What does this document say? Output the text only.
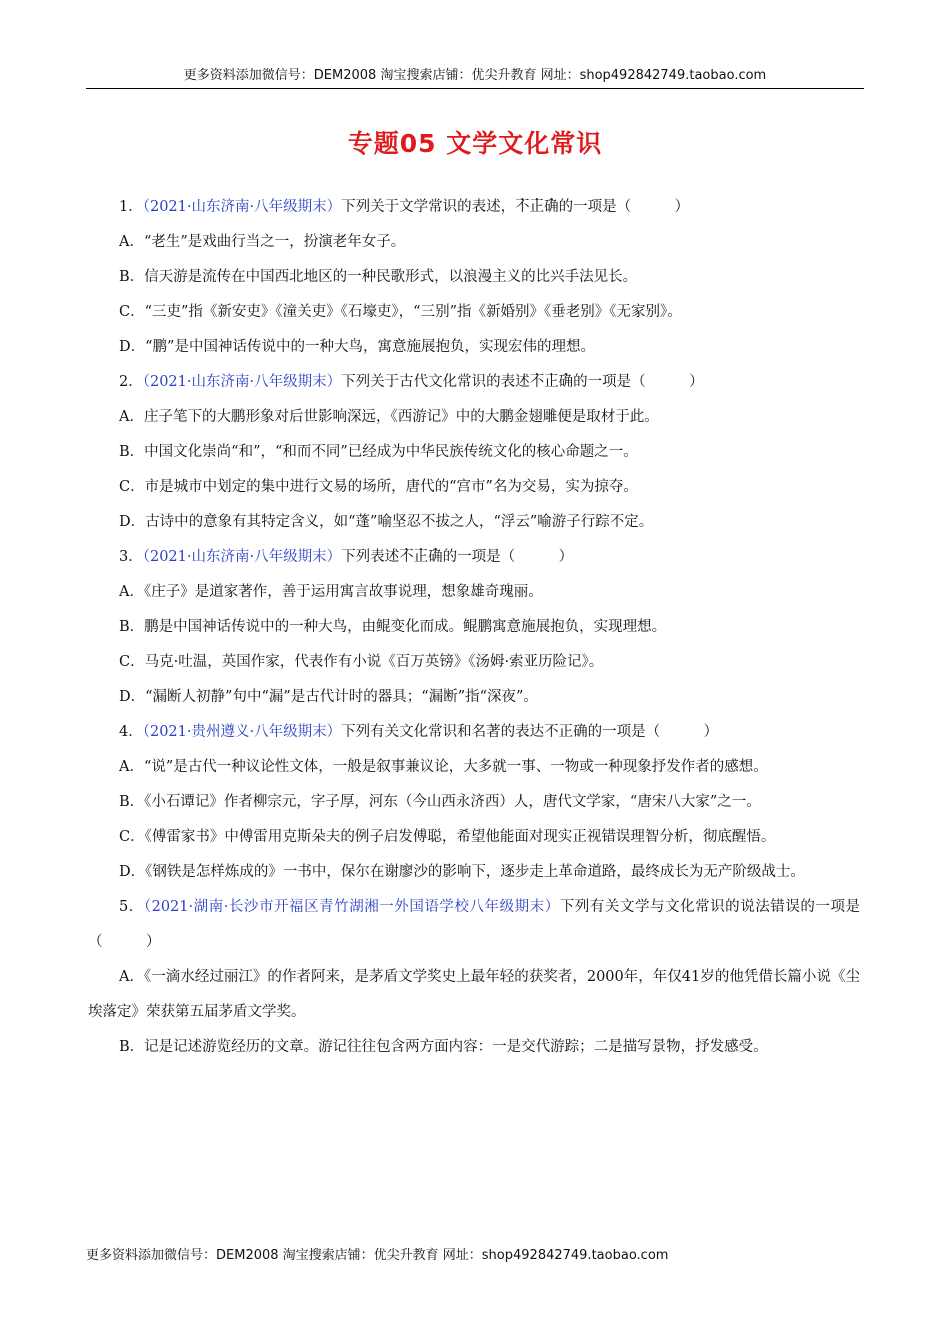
更多资料添加微信号：DEM2008 淘宝搜索店铺：优尖升教育 网址：shop492842749.taobao.com
专题05 文学文化常识
1．（2021·山东济南·八年级期末）下列关于文学常识的表述，不正确的一项是（　　　）
A．“老生”是戏曲行当之一，扮演老年女子。
B．信天游是流传在中国西北地区的一种民歌形式，以浪漫主义的比兴手法见长。
C．“三吏”指《新安吏》《潼关吏》《石壕吏》，“三别”指《新婚别》《垂老别》《无家别》。
D．“鹏”是中国神话传说中的一种大鸟，寓意施展抱负，实现宏伟的理想。
2．（2021·山东济南·八年级期末）下列关于古代文化常识的表述不正确的一项是（　　　）
A．庄子笔下的大鹏形象对后世影响深远，《西游记》中的大鹏金翅雕便是取材于此。
B．中国文化崇尚“和”，“和而不同”已经成为中华民族传统文化的核心命题之一。
C．市是城市中划定的集中进行文易的场所，唐代的“宫市”名为交易，实为掠夺。
D．古诗中的意象有其特定含义，如“蓬”喻坚忍不拔之人，“浮云”喻游子行踪不定。
3．（2021·山东济南·八年级期末）下列表述不正确的一项是（　　　）
A．《庄子》是道家著作，善于运用寓言故事说理，想象雄奇瑰丽。
B．鹏是中国神话传说中的一种大鸟，由鲲变化而成。鲲鹏寓意施展抱负，实现理想。
C．马克·吐温，英国作家，代表作有小说《百万英镑》《汤姆·索亚历险记》。
D．“漏断人初静”句中“漏”是古代计时的器具；“漏断”指“深夜”。
4．（2021·贵州遵义·八年级期末）下列有关文化常识和名著的表达不正确的一项是（　　　）
A．“说”是古代一种议论性文体，一般是叙事兼议论，大多就一事、一物或一种现象抒发作者的感想。
B．《小石谭记》作者柳宗元，字子厚，河东（今山西永济西）人，唐代文学家，“唐宋八大家”之一。
C．《傅雷家书》中傅雷用克斯朵夫的例子启发傅聪，希望他能面对现实正视错误理智分析，彻底醒悟。
D．《钢铁是怎样炼成的》一书中，保尔在谢廖沙的影响下，逐步走上革命道路，最终成长为无产阶级战士。
5．（2021·湖南·长沙市开福区青竹湖湘一外国语学校八年级期末）下列有关文学与文化常识的说法错误的一项是（　　　）
A．《一滴水经过丽江》的作者阿来，是茅盾文学奖史上最年轻的获奖者，2000年，年仅41岁的他凭借长篇小说《尘埃落定》荣获第五届茅盾文学奖。
B．记是记述游览经历的文章。游记往往包含两方面内容：一是交代游踪；二是描写景物，抒发感受。
更多资料添加微信号：DEM2008 淘宝搜索店铺：优尖升教育 网址：shop492842749.taobao.com
